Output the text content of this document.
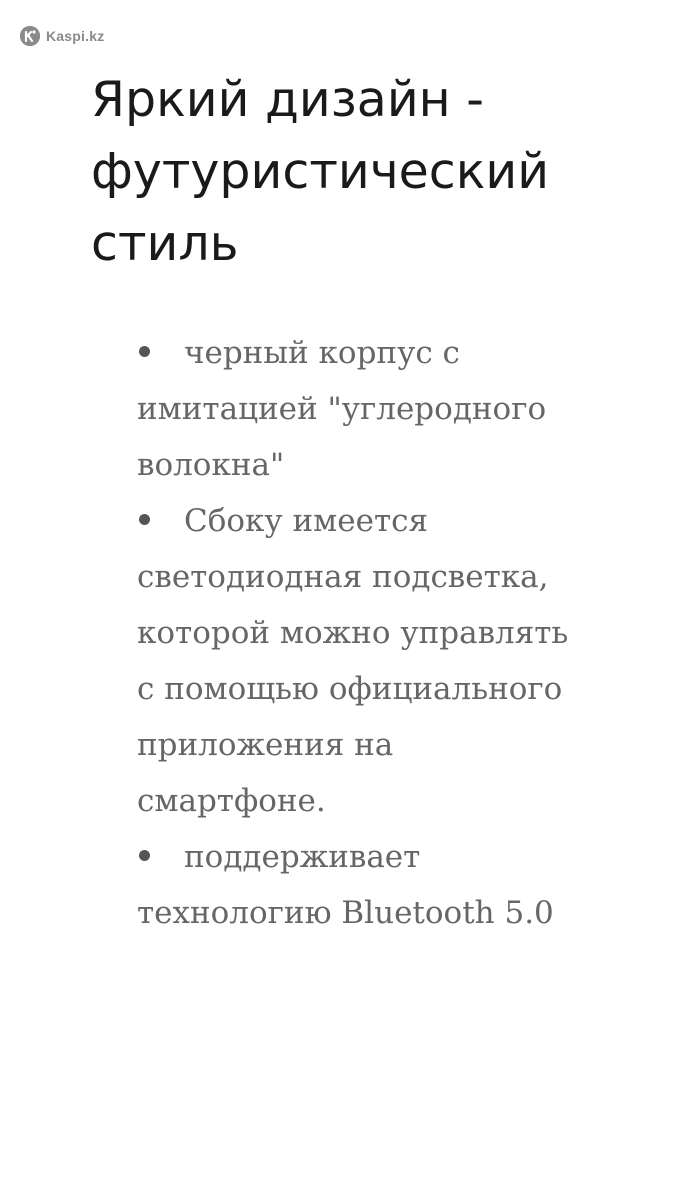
Kaspi.kz
Яркий дизайн - футуристический стиль
черный корпус с имитацией "углеродного волокна"
Сбоку имеется светодиодная подсветка, которой можно управлять с помощью официального приложения на смартфоне.
поддерживает технологию Bluetooth 5.0
